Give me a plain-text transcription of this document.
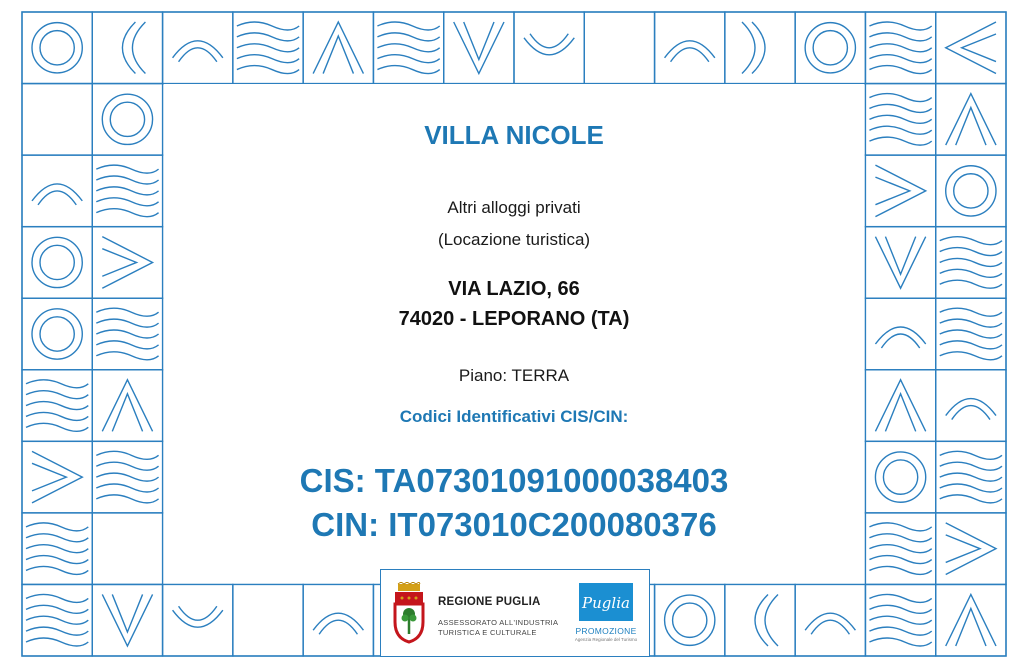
VILLA NICOLE

Altri alloggi privati

(Locazione turistica)

VIA LAZIO, 66

74020 - LEPORANO (TA)

Piano: TERRA

Codici Identificativi CIS/CIN:

CIS: TA07301091000038403

CIN: IT073010C200080376

REGIONE PUGLIA
ASSESSORATO ALL'INDUSTRIA
TURISTICA E CULTURALE
Puglia
PROMOZIONE
Agenzia Regionale del Turismo
